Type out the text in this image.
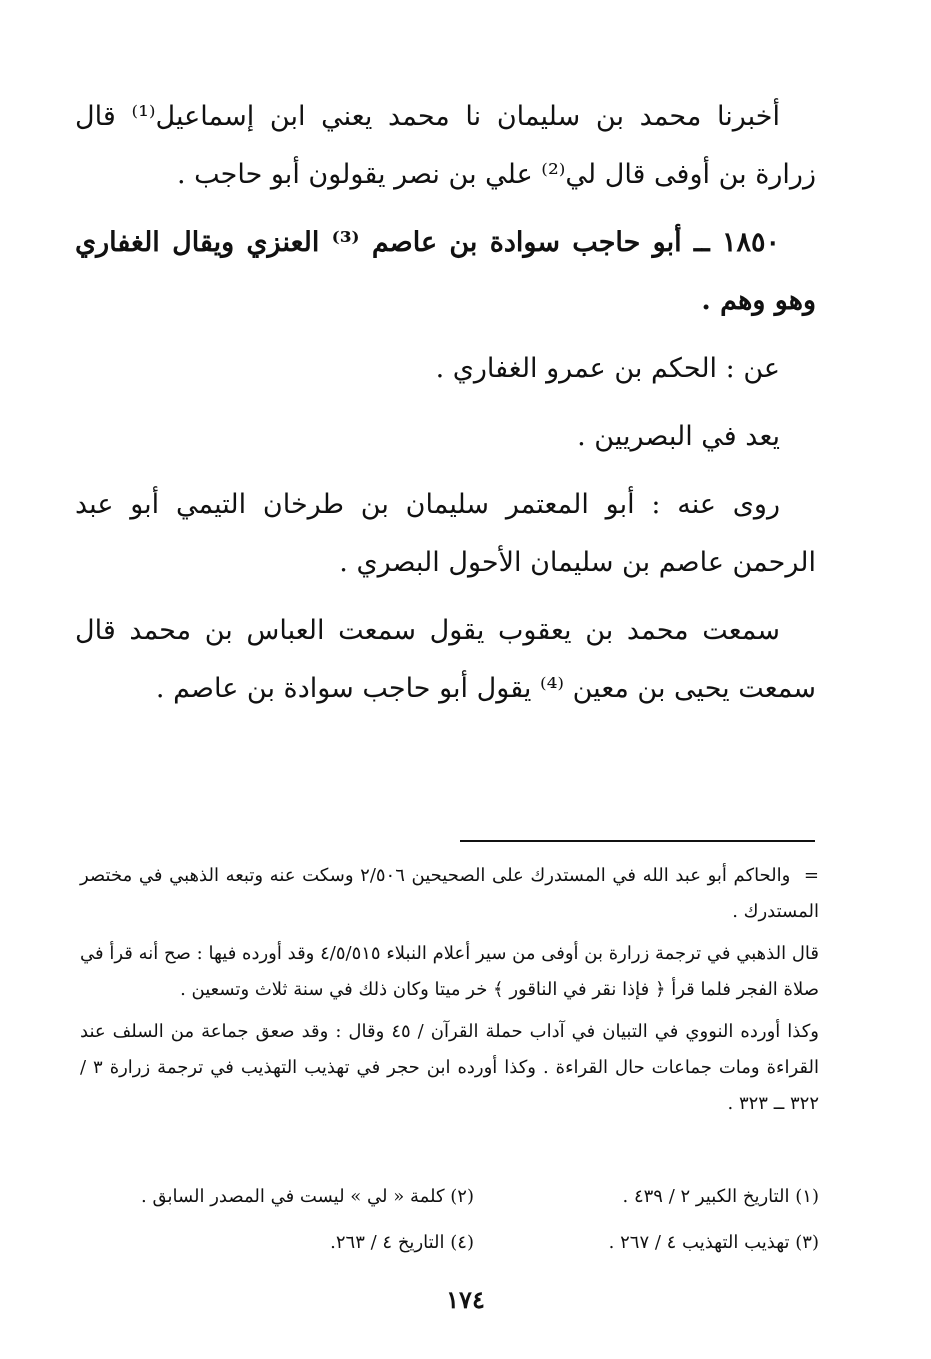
أخبرنا محمد بن سليمان نا محمد يعني ابن إسماعيل⁽¹⁾ قال زرارة بن أوفى قال لي⁽²⁾ علي بن نصر يقولون أبو حاجب .

١٨٥٠ ــ أبو حاجب سوادة بن عاصم ⁽³⁾ العنزي ويقال الغفاري وهو وهم .

عن : الحكم بن عمرو الغفاري .

يعد في البصريين .

روى عنه : أبو المعتمر سليمان بن طرخان التيمي أبو عبد الرحمن عاصم بن سليمان الأحول البصري .

سمعت محمد بن يعقوب يقول سمعت العباس بن محمد قال سمعت يحيى بن معين ⁽⁴⁾ يقول أبو حاجب سوادة بن عاصم .

= والحاكم أبو عبد الله في المستدرك على الصحيحين ٢/٥٠٦ وسكت عنه وتبعه الذهبي في مختصر المستدرك .

قال الذهبي في ترجمة زرارة بن أوفى من سير أعلام النبلاء ٤/٥/٥١٥ وقد أورده فيها : صح أنه قرأ في صلاة الفجر فلما قرأ ﴿ فإذا نقر في الناقور ﴾ خر ميتا وكان ذلك في سنة ثلاث وتسعين .

وكذا أورده النووي في التبيان في آداب حملة القرآن / ٤٥ وقال : وقد صعق جماعة من السلف عند القراءة ومات جماعات حال القراءة . وكذا أورده ابن حجر في تهذيب التهذيب في ترجمة زرارة ٣ / ٣٢٢ ــ ٣٢٣ .

(١) التاريخ الكبير ٢ / ٤٣٩ .
(٢) كلمة « لي » ليست في المصدر السابق .
(٣) تهذيب التهذيب ٤ / ٢٦٧ .
(٤) التاريخ ٤ / ٢٦٣.
١٧٤
